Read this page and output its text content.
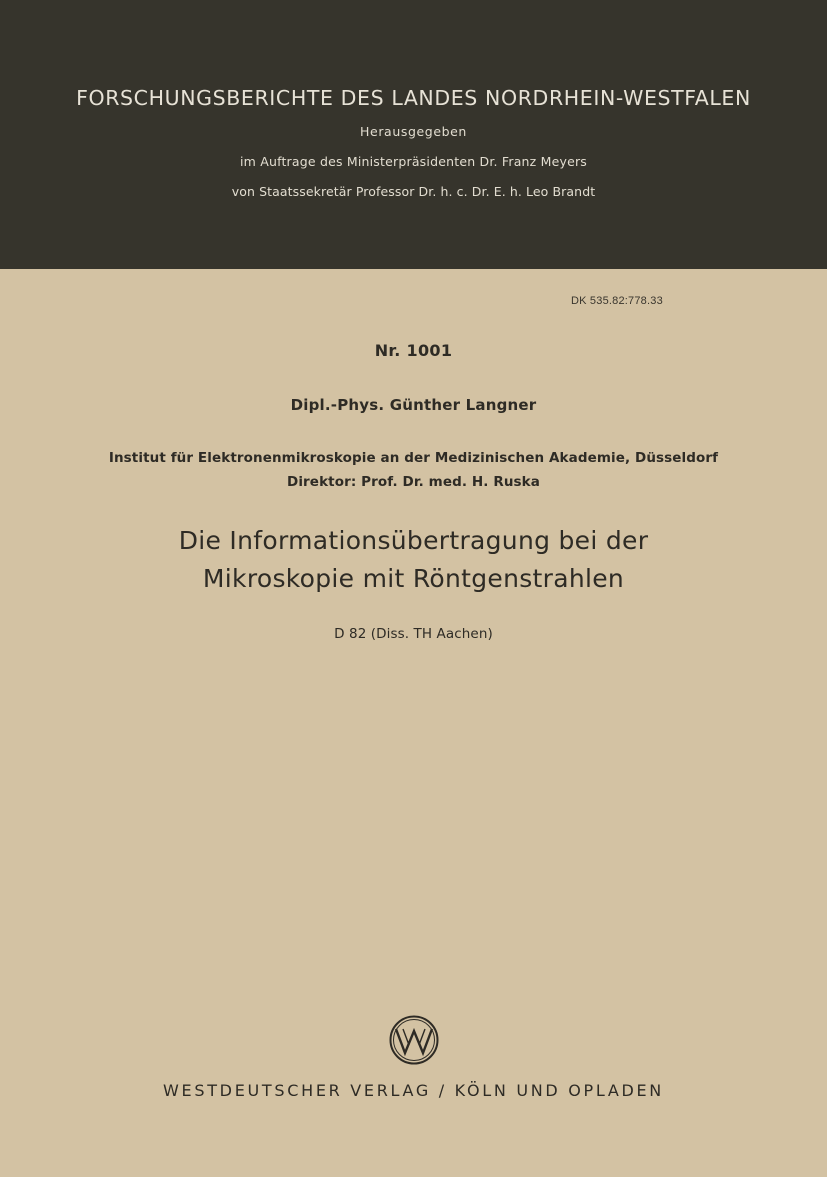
FORSCHUNGSBERICHTE DES LANDES NORDRHEIN-WESTFALEN
Herausgegeben
im Auftrage des Ministerpräsidenten Dr. Franz Meyers
von Staatssekretär Professor Dr. h. c. Dr. E. h. Leo Brandt
DK 535.82:778.33
Nr. 1001
Dipl.-Phys. Günther Langner
Institut für Elektronenmikroskopie an der Medizinischen Akademie, Düsseldorf
Direktor: Prof. Dr. med. H. Ruska
Die Informationsübertragung bei der
Mikroskopie mit Röntgenstrahlen
D 82 (Diss. TH Aachen)
WESTDEUTSCHER VERLAG / KÖLN UND OPLADEN
